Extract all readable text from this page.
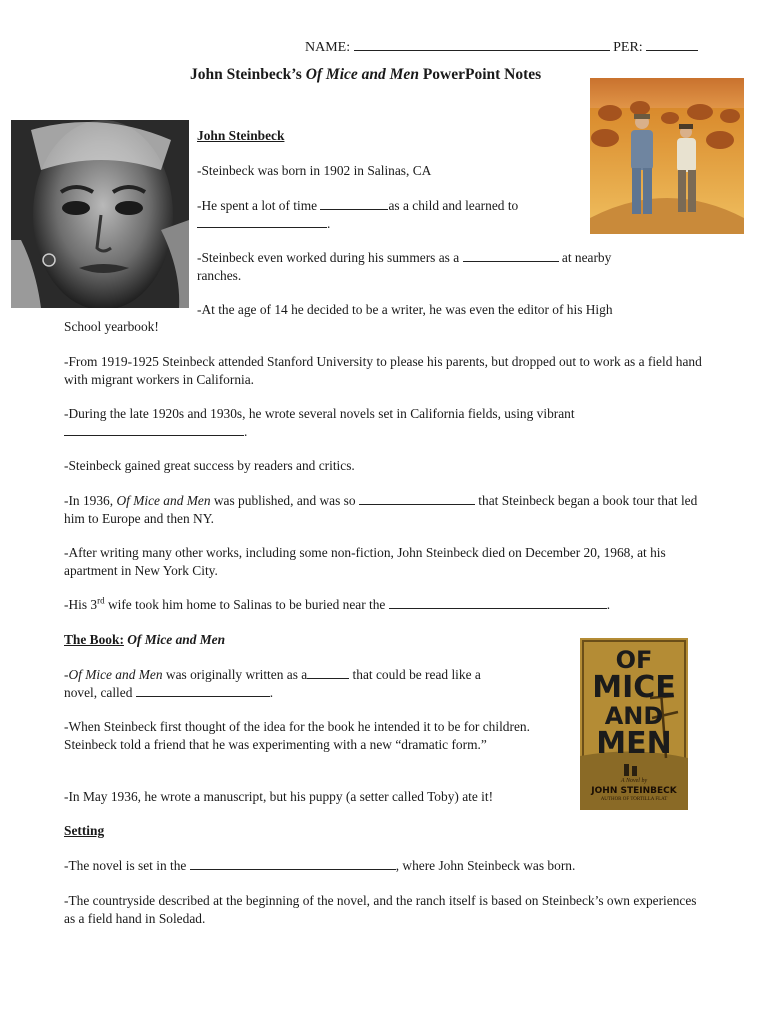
NAME:	PER:
John Steinbeck’s Of Mice and Men PowerPoint Notes
John Steinbeck
-Steinbeck was born in 1902 in Salinas, CA
-He spent a lot of time	as a child and learned to
.
-Steinbeck even worked during his summers as a	at nearby
ranches.
-At the age of 14 he decided to be a writer, he was even the editor of his High
School yearbook!
-From 1919-1925 Steinbeck attended Stanford University to please his parents, but dropped out to work as a field hand with migrant workers in California.
-During the late 1920s and 1930s, he wrote several novels set in California fields, using vibrant
.
-Steinbeck gained great success by readers and critics.
-In 1936, Of Mice and Men was published, and was so	that Steinbeck began a book tour that led him to Europe and then NY.
-After writing many other works, including some non-fiction, John Steinbeck died on December 20, 1968, at his apartment in New York City.
-His 3rd wife took him home to Salinas to be buried near the	.
The Book: Of Mice and Men
-Of Mice and Men was originally written as a	that could be read like a
novel, called	.
-When Steinbeck first thought of the idea for the book he intended it to be for children. Steinbeck told a friend that he was experimenting with a new “dramatic form.”
-In May 1936, he wrote a manuscript, but his puppy (a setter called Toby) ate it!
OF
MICE
AND
MEN
A Novel by
JOHN STEINBECK
AUTHOR OF TORTILLA FLAT
Setting
-The novel is set in the	, where John Steinbeck was born.
-The countryside described at the beginning of the novel, and the ranch itself is based on Steinbeck’s own experiences as a field hand in Soledad.
